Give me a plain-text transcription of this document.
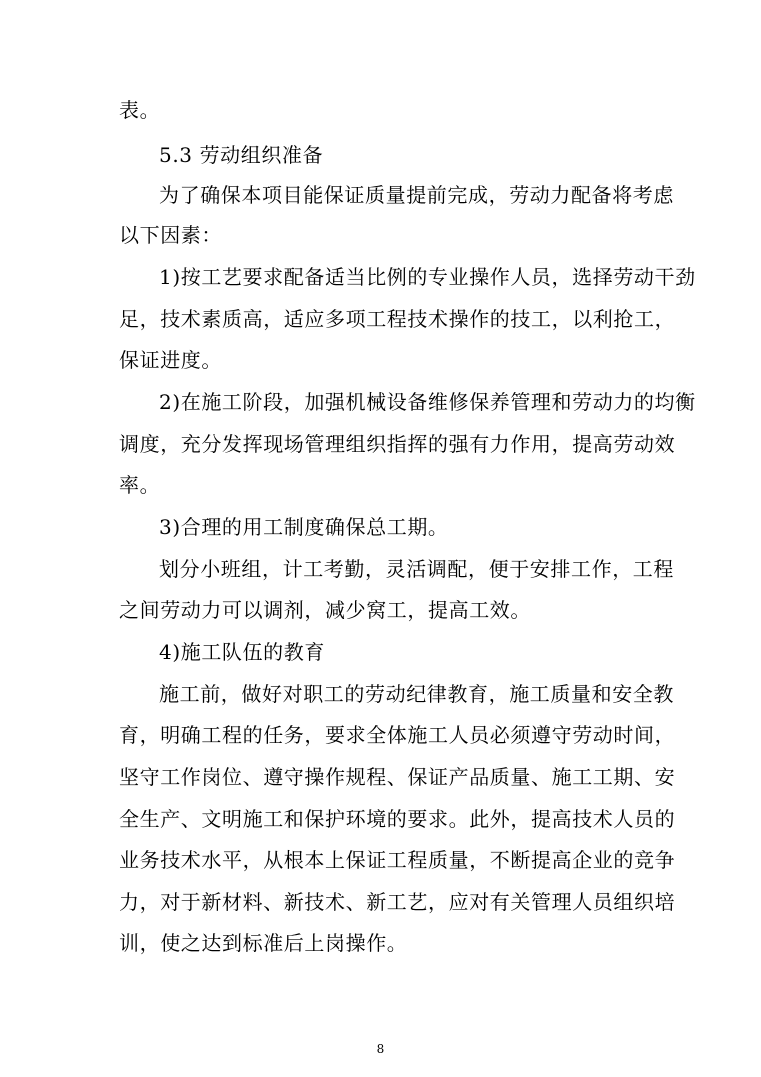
表。
5.3 劳动组织准备
为了确保本项目能保证质量提前完成，劳动力配备将考虑
以下因素：
1)按工艺要求配备适当比例的专业操作人员，选择劳动干劲
足，技术素质高，适应多项工程技术操作的技工，以利抢工，
保证进度。
2)在施工阶段，加强机械设备维修保养管理和劳动力的均衡
调度，充分发挥现场管理组织指挥的强有力作用，提高劳动效
率。
3)合理的用工制度确保总工期。
划分小班组，计工考勤，灵活调配，便于安排工作，工程
之间劳动力可以调剂，减少窝工，提高工效。
4)施工队伍的教育
施工前，做好对职工的劳动纪律教育，施工质量和安全教
育，明确工程的任务，要求全体施工人员必须遵守劳动时间，
坚守工作岗位、遵守操作规程、保证产品质量、施工工期、安
全生产、文明施工和保护环境的要求。此外，提高技术人员的
业务技术水平，从根本上保证工程质量，不断提高企业的竞争
力，对于新材料、新技术、新工艺，应对有关管理人员组织培
训，使之达到标准后上岗操作。
8
